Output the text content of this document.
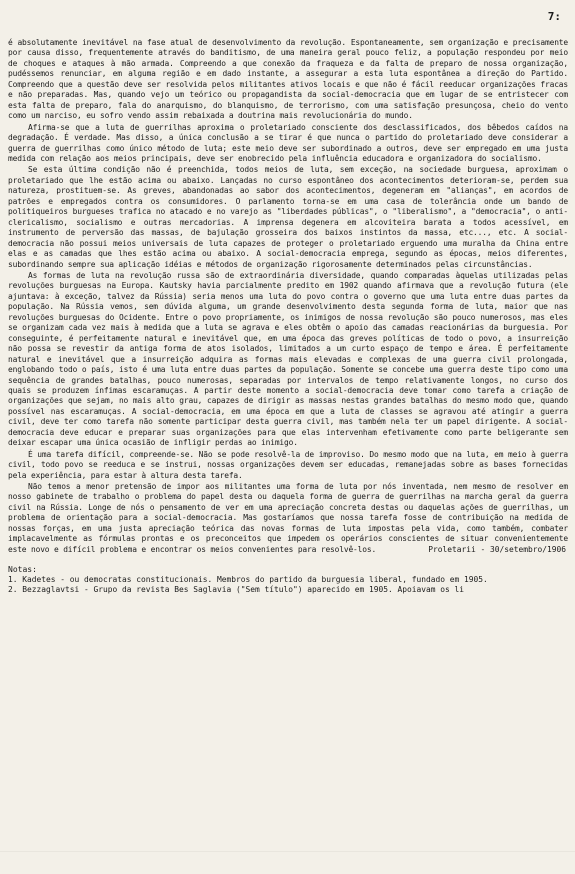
7:

é absolutamente inevitável na fase atual de desenvolvimento da revolução. Espontaneamente, sem organização e precisamente por causa disso, frequentemente através do banditismo, de uma maneira geral pouco feliz, a população respondeu por meio de choques e ataques à mão armada. Compreendo a que conexão da fraqueza e da falta de preparo de nossa organização, pudéssemos renunciar, em alguma região e em dado instante, a assegurar a esta luta espontânea a direção do Partido. Compreendo que a questão deve ser resolvida pelos militantes ativos locais e que não é fácil reeducar organizações fracas e não preparadas. Mas, quando vejo um teórico ou propagandista da social-democracia que em lugar de se entristecer com esta falta de preparo, fala do anarquismo, do blanquismo, de terrorismo, com uma satisfação presunçosa, cheio do vento como um narciso, eu sofro vendo assim rebaixada a doutrina mais revolucionária do mundo.

Afirma-se que a luta de guerrilhas aproxima o proletariado consciente dos desclassificados, dos bêbedos caídos na degradação. É verdade. Mas disso, a única conclusão a se tirar é que nunca o partido do proletariado deve considerar a guerra de guerrilhas como único método de luta; este meio deve ser subordinado a outros, deve ser empregado em uma justa medida com relação aos meios principais, deve ser enobrecido pela influência educadora e organizadora do socialismo.

Se esta última condição não é preenchida, todos meios de luta, sem exceção, na sociedade burguesa, aproximam o proletariado que lhe estão acima ou abaixo. Lançadas no curso espontâneo dos acontecimentos deterioram-se, perdem sua natureza, prostituem-se. As greves, abandonadas ao sabor dos acontecimentos, degeneram em "alianças", em acordos de patrões e empregados contra os consumidores. O parlamento torna-se em uma casa de tolerância onde um bando de politiqueiros burgueses trafica no atacado e no varejo as "liberdades públicas", o "liberalismo", a "democracia", o anti-clericalismo, socialismo e outras mercadorias. A imprensa degenera em alcoviteira barata a todos acessível, em instrumento de perversão das massas, de bajulação grosseira dos baixos instintos da massa, etc..., etc. A social-democracia não possui meios universais de luta capazes de proteger o proletariado erguendo uma muralha da China entre elas e as camadas que lhes estão acima ou abaixo. A social-democracia emprega, segundo as épocas, meios diferentes, subordinando sempre sua aplicação idéias e métodos de organização rigorosamente determinados pelas circunstâncias.

As formas de luta na revolução russa são de extraordinária diversidade, quando comparadas àquelas utilizadas pelas revoluções burguesas na Europa. Kautsky havia parcialmente predito em 1902 quando afirmava que a revolução futura (ele ajuntava: à exceção, talvez da Rússia) seria menos uma luta do povo contra o governo que uma luta entre duas partes da população. Na Rússia vemos, sem dúvida alguma, um grande desenvolvimento desta segunda forma de luta, maior que nas revoluções burguesas do Ocidente. Entre o povo propriamente, os inimigos de nossa revolução são pouco numerosos, mas eles se organizam cada vez mais à medida que a luta se agrava e eles obtêm o apoio das camadas reacionárias da burguesia. Por conseguinte, é perfeitamente natural e inevitável que, em uma época das greves políticas de todo o povo, a insurreição não possa se revestir da antiga forma de atos isolados, limitados a um curto espaço de tempo e área. É perfeitamente natural e inevitável que a insurreição adquira as formas mais elevadas e complexas de uma guerra civil prolongada, englobando todo o país, isto é uma luta entre duas partes da população. Somente se concebe uma guerra deste tipo como uma sequência de grandes batalhas, pouco numerosas, separadas por intervalos de tempo relativamente longos, no curso dos quais se produzem ínfimas escaramuças. A partir deste momento a social-democracia deve tomar como tarefa a criação de organizações que sejam, no mais alto grau, capazes de dirigir as massas nestas grandes batalhas do mesmo modo que, quando possível nas escaramuças. A social-democracia, em uma época em que a luta de classes se agravou até atingir a guerra civil, deve ter como tarefa não somente participar desta guerra civil, mas também nela ter um papel dirigente. A social-democracia deve educar e preparar suas organizações para que elas intervenham efetivamente como parte beligerante sem deixar escapar uma única ocasião de infligir perdas ao inimigo.

É uma tarefa difícil, compreende-se. Não se pode resolvê-la de improviso. Do mesmo modo que na luta, em meio à guerra civil, todo povo se reeduca e se instrui, nossas organizações devem ser educadas, remanejadas sobre as bases fornecidas pela experiência, para estar à altura desta tarefa.

Não temos a menor pretensão de impor aos militantes uma forma de luta por nós inventada, nem mesmo de resolver em nosso gabinete de trabalho o problema do papel desta ou daquela forma de guerra de guerrilhas na marcha geral da guerra civil na Rússia. Longe de nós o pensamento de ver em uma apreciação concreta destas ou daquelas ações de guerrilhas, um problema de orientação para a social-democracia. Mas gostaríamos que nossa tarefa fosse de contribuição na medida de nossas forças, em uma justa apreciação teórica das novas formas de luta impostas pela vida, como também, combater implacavelmente as fórmulas prontas e os preconceitos que impedem os operários conscientes de situar convenientemente este novo e difícil problema e encontrar os meios convenientes para resolvê-los.	Proletarii - 30/setembro/1906
Notas:
1. Kadetes - ou democratas constitucionais. Membros do partido da burguesia liberal, fundado em 1905.
2. Bezzaglavtsi - Grupo da revista Bes Saglavia ("Sem título") aparecido em 1905. Apoiavam os li
